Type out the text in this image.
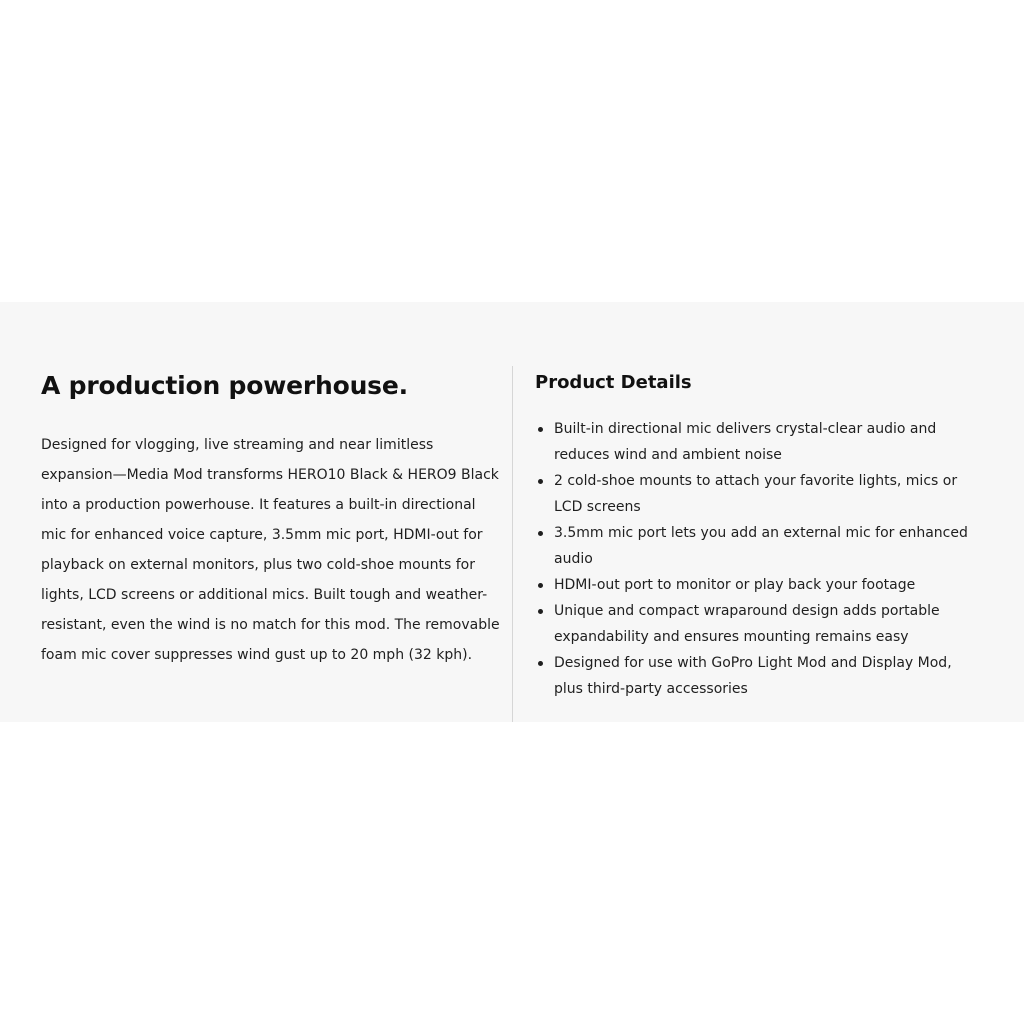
A production powerhouse.

Designed for vlogging, live streaming and near limitless expansion—Media Mod transforms HERO10 Black & HERO9 Black into a production powerhouse. It features a built-in directional mic for enhanced voice capture, 3.5mm mic port, HDMI-out for playback on external monitors, plus two cold-shoe mounts for lights, LCD screens or additional mics. Built tough and weather-resistant, even the wind is no match for this mod. The removable foam mic cover suppresses wind gust up to 20 mph (32 kph).

Product Details
Built-in directional mic delivers crystal-clear audio and reduces wind and ambient noise
2 cold-shoe mounts to attach your favorite lights, mics or LCD screens
3.5mm mic port lets you add an external mic for enhanced audio
HDMI-out port to monitor or play back your footage
Unique and compact wraparound design adds portable expandability and ensures mounting remains easy
Designed for use with GoPro Light Mod and Display Mod, plus third-party accessories
